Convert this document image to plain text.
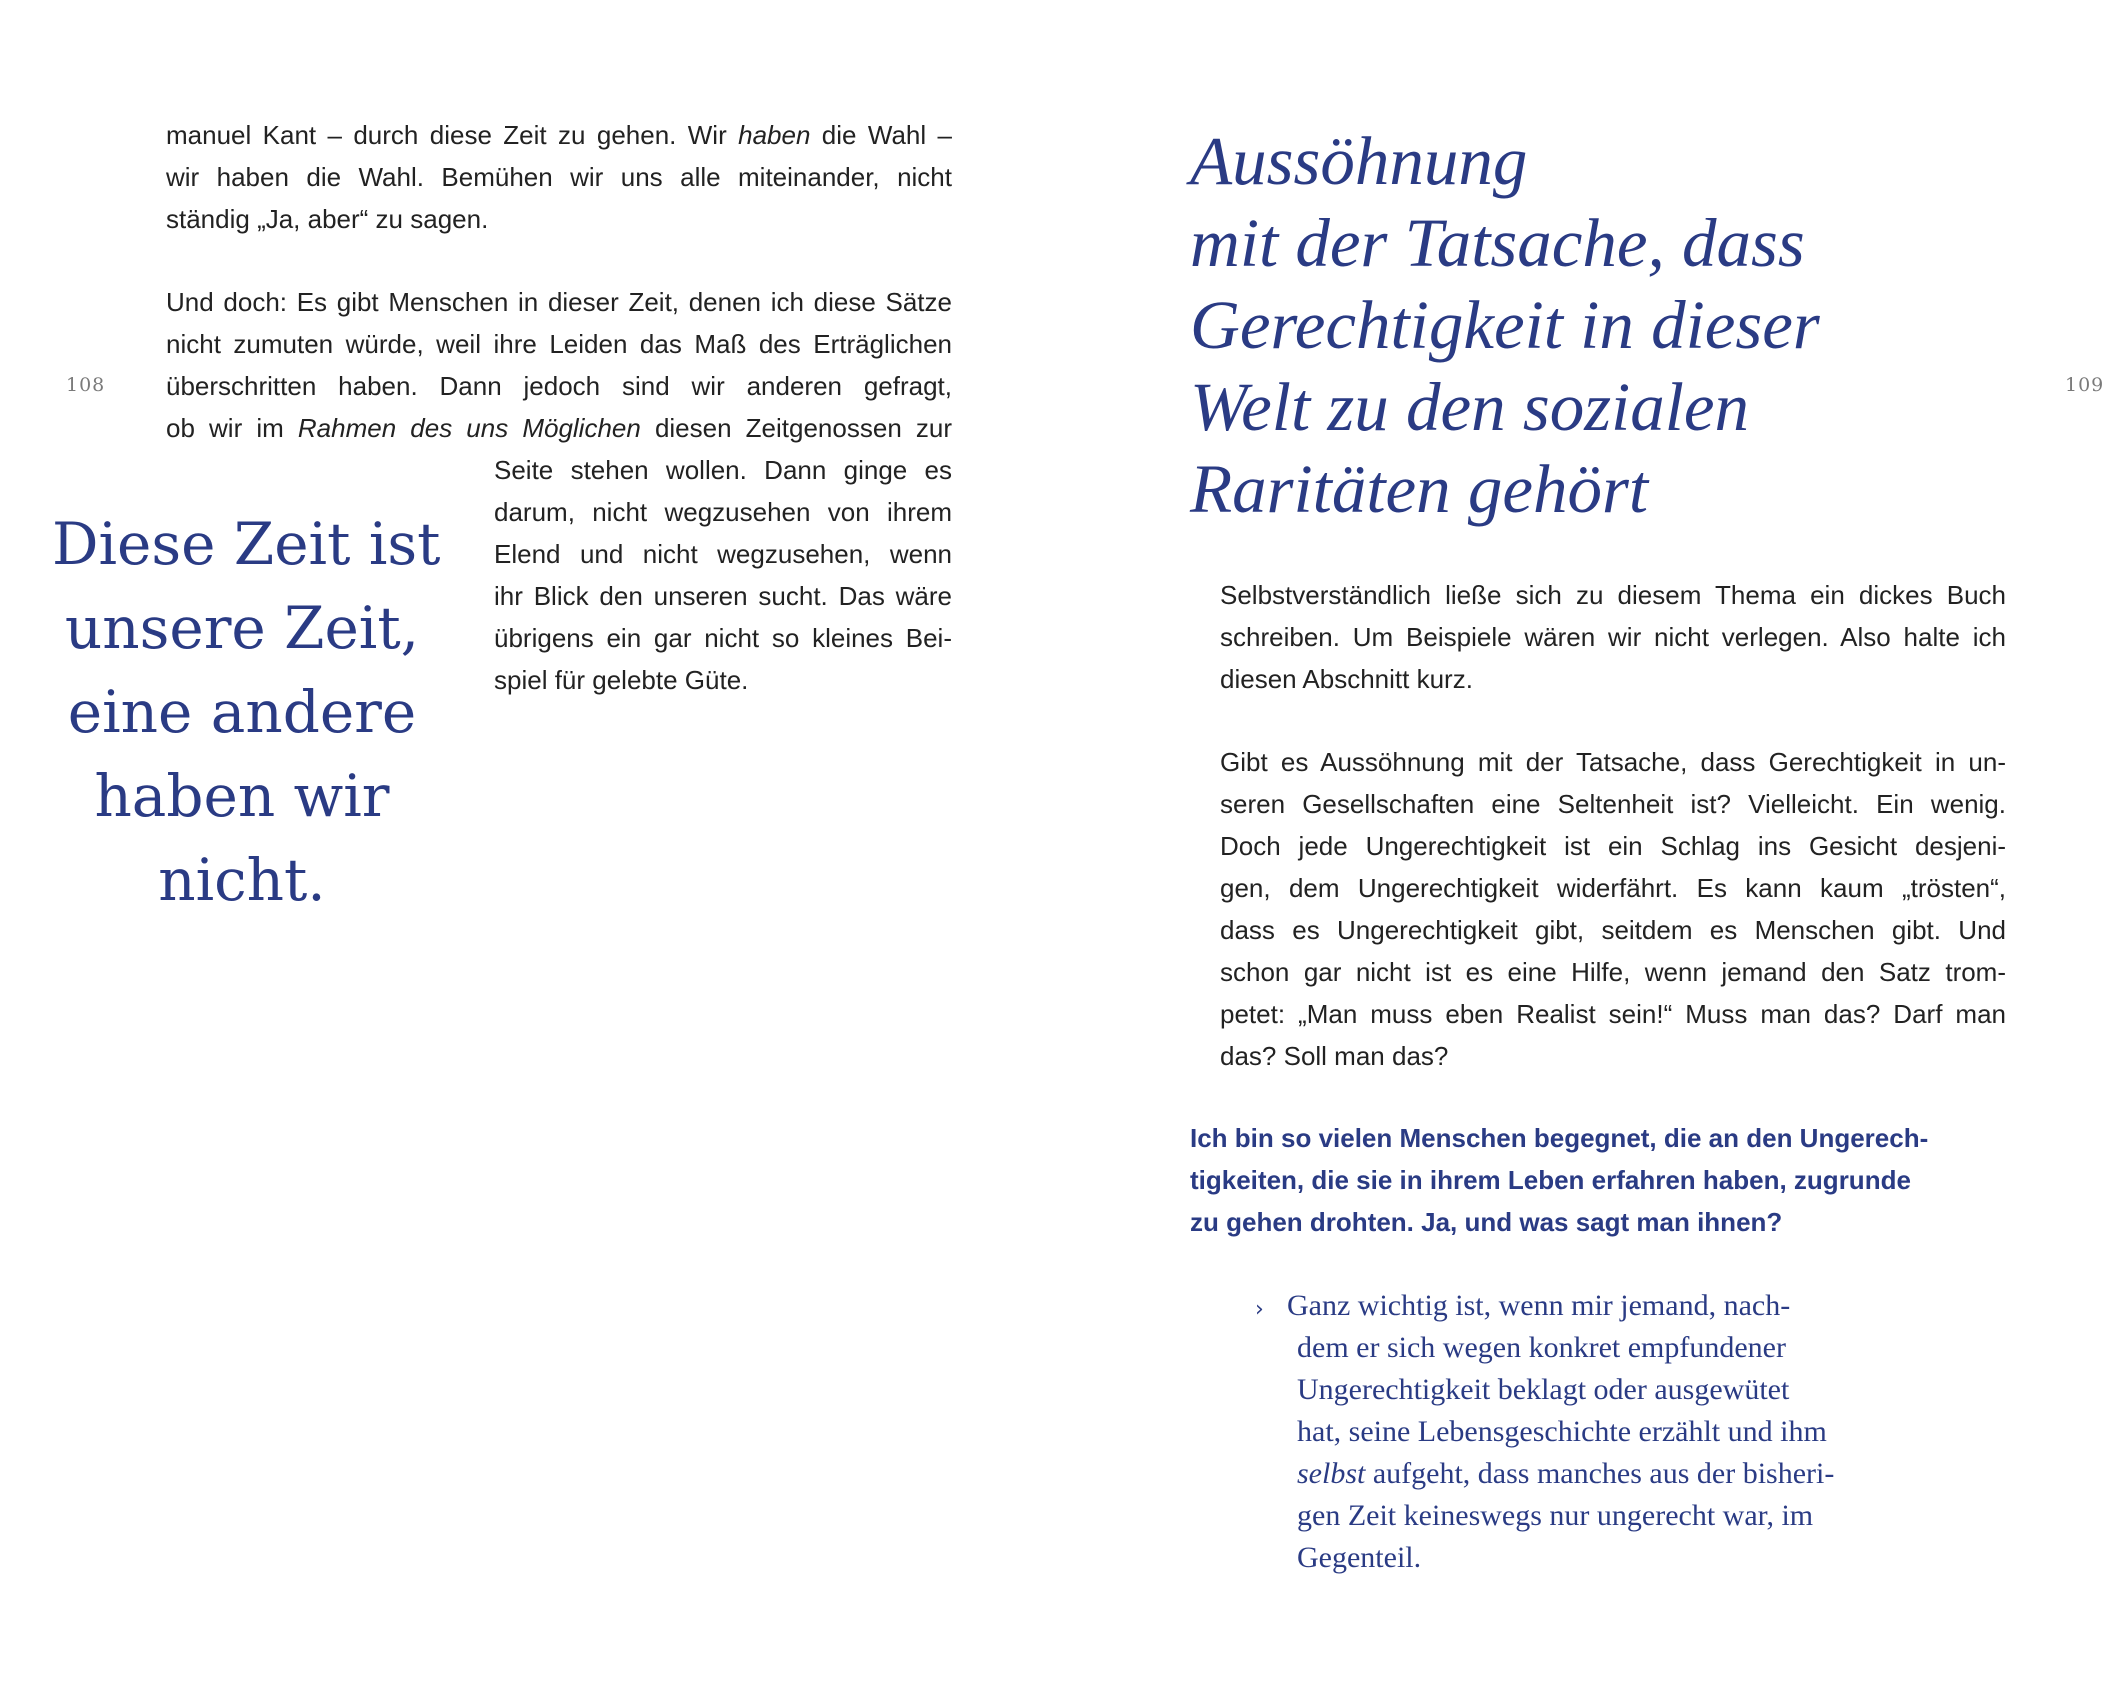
108
manuel Kant – durch diese Zeit zu gehen. Wir haben die Wahl –
wir haben die Wahl. Bemühen wir uns alle miteinander, nicht
ständig „Ja, aber“ zu sagen.
Und doch: Es gibt Menschen in dieser Zeit, denen ich diese Sätze
nicht zumuten würde, weil ihre Leiden das Maß des Erträglichen
überschritten haben. Dann jedoch sind wir anderen gefragt,
ob wir im Rahmen des uns Möglichen diesen Zeitgenossen zur
Seite stehen wollen. Dann ginge es
darum, nicht wegzusehen von ihrem
Elend und nicht wegzusehen, wenn
ihr Blick den unseren sucht. Das wäre
übrigens ein gar nicht so kleines Bei-
spiel für gelebte Güte.
Diese Zeit ist
unsere Zeit,
eine andere
haben wir
nicht.
109
Aussöhnung
mit der Tatsache, dass
Gerechtigkeit in dieser
Welt zu den sozialen
Raritäten gehört
Selbstverständlich ließe sich zu diesem Thema ein dickes Buch
schreiben. Um Beispiele wären wir nicht verlegen. Also halte ich
diesen Abschnitt kurz.
Gibt es Aussöhnung mit der Tatsache, dass Gerechtigkeit in un-
seren Gesellschaften eine Seltenheit ist? Vielleicht. Ein wenig.
Doch jede Ungerechtigkeit ist ein Schlag ins Gesicht desjeni-
gen, dem Ungerechtigkeit widerfährt. Es kann kaum „trösten“,
dass es Ungerechtigkeit gibt, seitdem es Menschen gibt. Und
schon gar nicht ist es eine Hilfe, wenn jemand den Satz trom-
petet: „Man muss eben Realist sein!“ Muss man das? Darf man
das? Soll man das?
Ich bin so vielen Menschen begegnet, die an den Ungerech-
tigkeiten, die sie in ihrem Leben erfahren haben, zugrunde
zu gehen drohten. Ja, und was sagt man ihnen?
› Ganz wichtig ist, wenn mir jemand, nach-
dem er sich wegen konkret empfundener
Ungerechtigkeit beklagt oder ausgewütet
hat, seine Lebensgeschichte erzählt und ihm
selbst aufgeht, dass manches aus der bisheri-
gen Zeit keineswegs nur ungerecht war, im
Gegenteil.
